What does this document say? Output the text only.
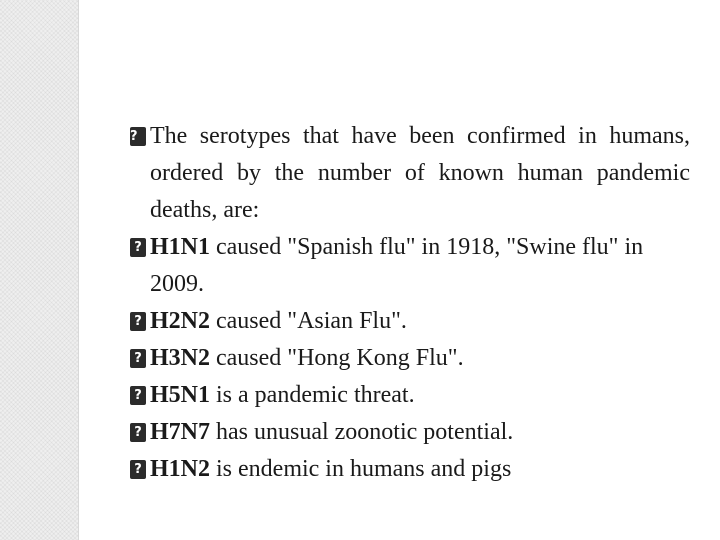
?
The serotypes that have been confirmed in humans, ordered by the number of known human pandemic deaths, are:
?
H1N1 caused "Spanish flu" in 1918, "Swine flu" in 2009.
?
H2N2 caused "Asian Flu".
?
H3N2 caused "Hong Kong Flu".
?
H5N1 is a pandemic threat.
?
H7N7 has unusual zoonotic potential.
?
H1N2 is endemic in humans and pigs
